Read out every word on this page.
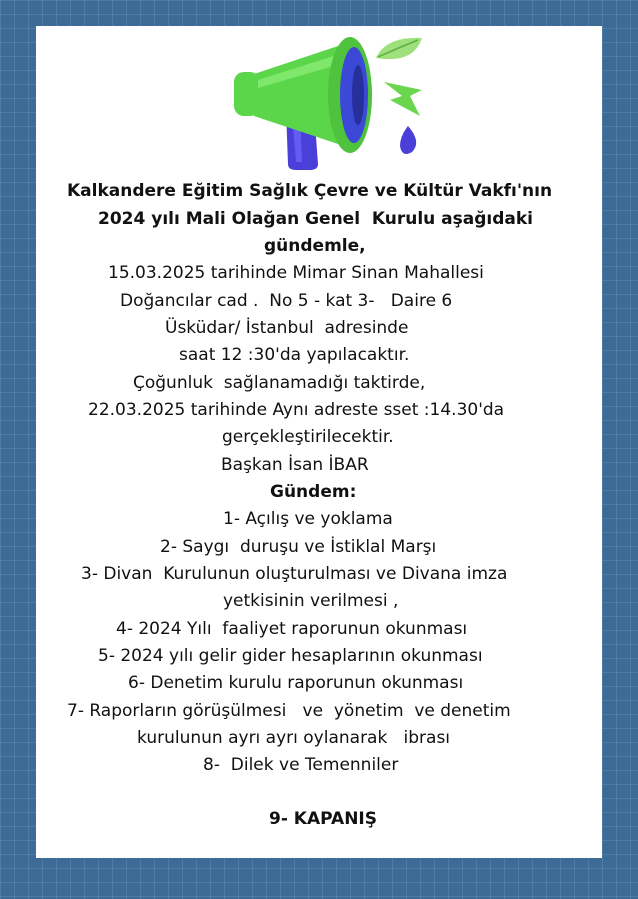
Kalkandere Eğitim Sağlık Çevre ve Kültür Vakfı'nın
2024 yılı Mali Olağan Genel  Kurulu aşağıdaki
gündemle,
15.03.2025 tarihinde Mimar Sinan Mahallesi
Doğancılar cad .  No 5 - kat 3-   Daire 6
Üsküdar/ İstanbul  adresinde
saat 12 :30'da yapılacaktır.
Çoğunluk  sağlanamadığı taktirde,
22.03.2025 tarihinde Aynı adreste sset :14.30'da
gerçekleştirilecektir.
Başkan İsan İBAR
Gündem:
1- Açılış ve yoklama
2- Saygı  duruşu ve İstiklal Marşı
3- Divan  Kurulunun oluşturulması ve Divana imza
yetkisinin verilmesi ,
4- 2024 Yılı  faaliyet raporunun okunması
5- 2024 yılı gelir gider hesaplarının okunması
6- Denetim kurulu raporunun okunması
7- Raporların görüşülmesi   ve  yönetim  ve denetim
kurulunun ayrı ayrı oylanarak   ibrası
8-  Dilek ve Temenniler
9- KAPANIŞ
